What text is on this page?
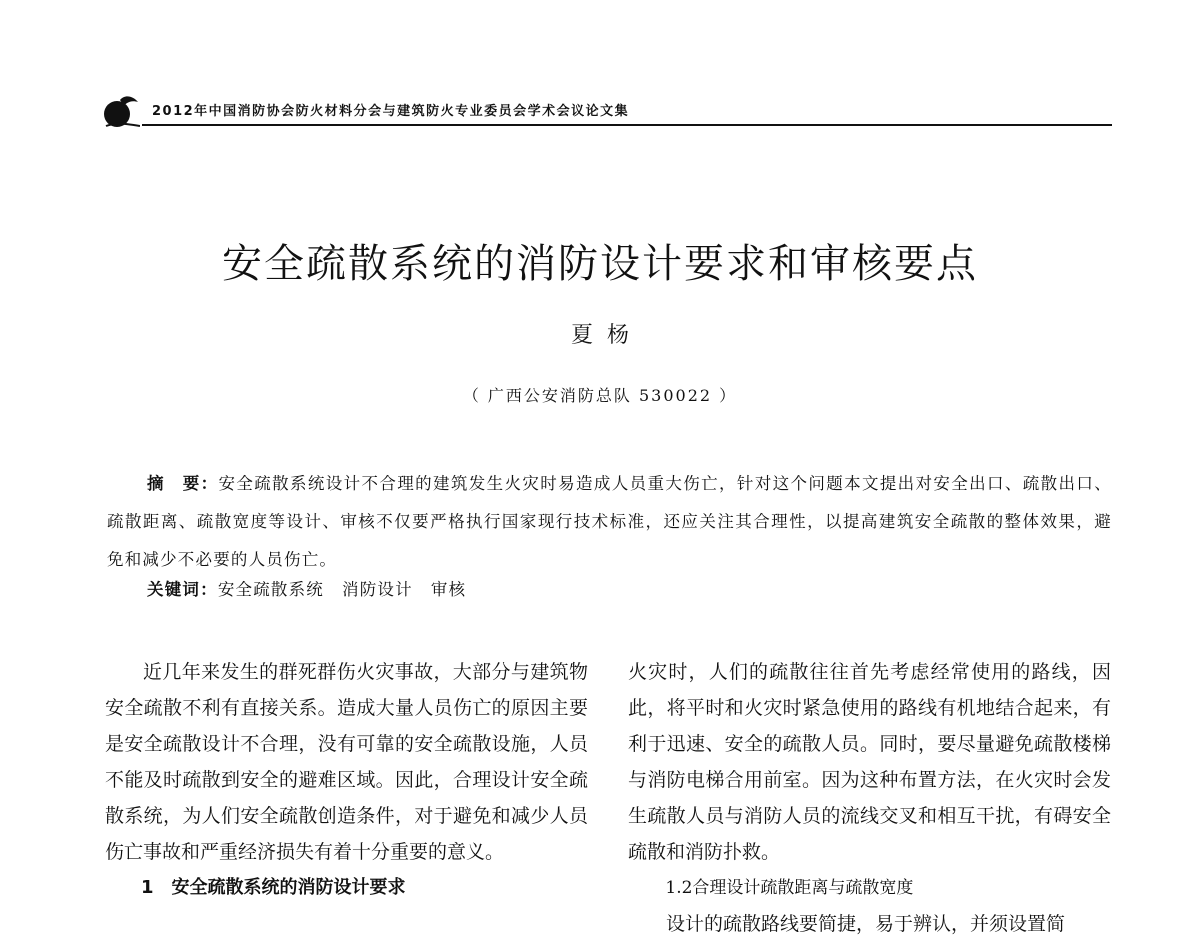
2012年中国消防协会防火材料分会与建筑防火专业委员会学术会议论文集
安全疏散系统的消防设计要求和审核要点
夏杨
（ 广西公安消防总队 530022 ）

摘　要：安全疏散系统设计不合理的建筑发生火灾时易造成人员重大伤亡，针对这个问题本文提出对安全出口、疏散出口、疏散距离、疏散宽度等设计、审核不仅要严格执行国家现行技术标准，还应关注其合理性，以提高建筑安全疏散的整体效果，避免和减少不必要的人员伤亡。

关键词：安全疏散系统 消防设计 审核

近几年来发生的群死群伤火灾事故，大部分与建筑物安全疏散不利有直接关系。造成大量人员伤亡的原因主要是安全疏散设计不合理，没有可靠的安全疏散设施，人员不能及时疏散到安全的避难区域。因此，合理设计安全疏散系统，为人们安全疏散创造条件，对于避免和减少人员伤亡事故和严重经济损失有着十分重要的意义。

1　安全疏散系统的消防设计要求

火灾时，人们的疏散往往首先考虑经常使用的路线，因此，将平时和火灾时紧急使用的路线有机地结合起来，有利于迅速、安全的疏散人员。同时，要尽量避免疏散楼梯与消防电梯合用前室。因为这种布置方法，在火灾时会发生疏散人员与消防人员的流线交叉和相互干扰，有碍安全疏散和消防扑救。

1.2合理设计疏散距离与疏散宽度

设计的疏散路线要简捷，易于辨认，并须设置简
